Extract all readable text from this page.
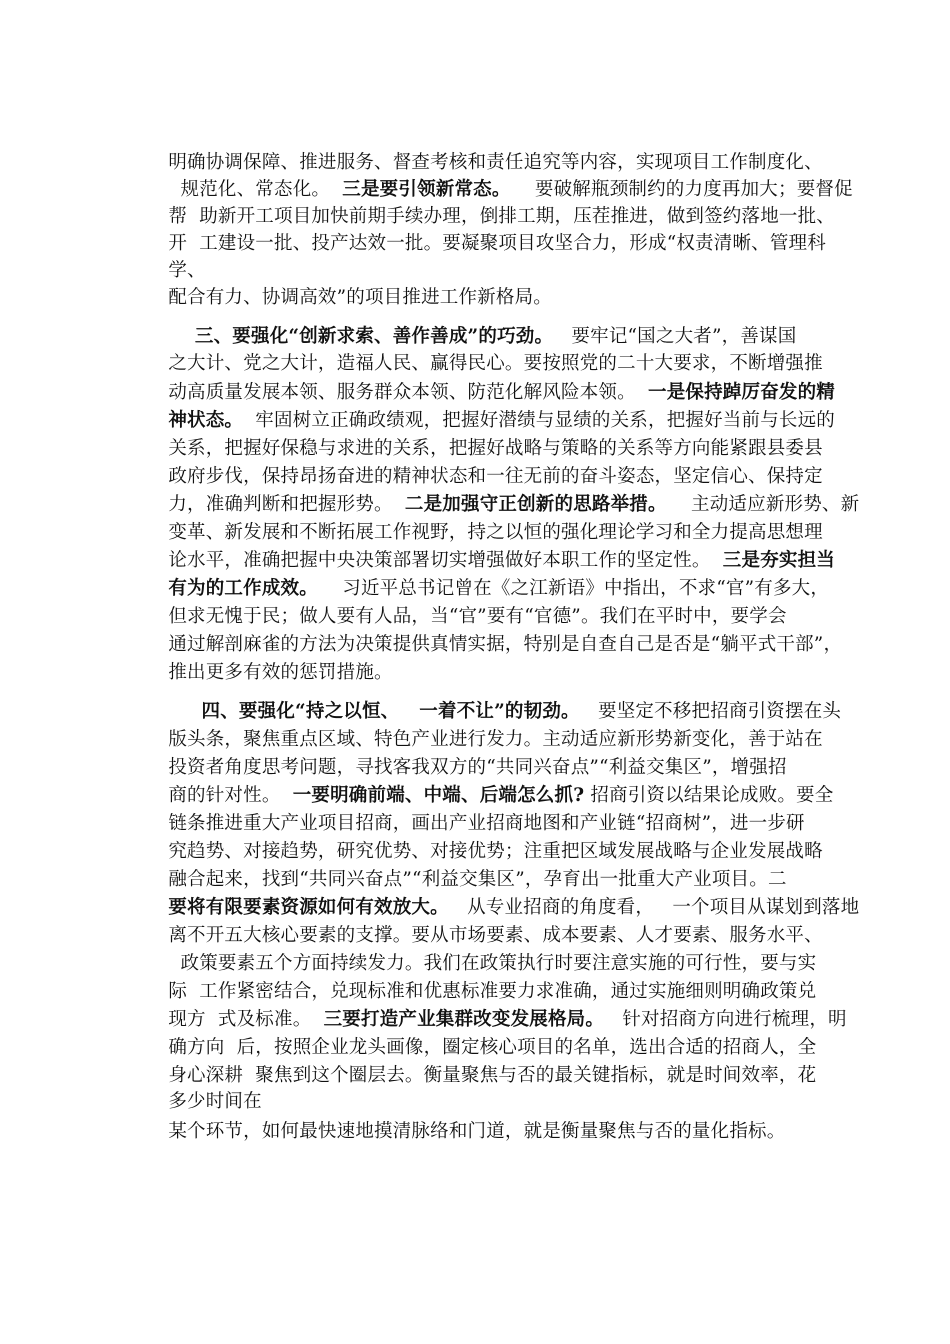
明确协调保障、推进服务、督查考核和责任追究等内容，实现项目工作制度化、

规范化、常态化。  三是要引领新常态。    要破解瓶颈制约的力度再加大；要督促

帮  助新开工项目加快前期手续办理，倒排工期，压茬推进，做到签约落地一批、

开  工建设一批、投产达效一批。要凝聚项目攻坚合力，形成“权责清晰、管理科

学、

配合有力、协调高效”的项目推进工作新格局。

三、要强化“创新求索、善作善成”的巧劲。   要牢记“国之大者”，善谋国

之大计、党之大计，造福人民、赢得民心。要按照党的二十大要求，不断增强推

动高质量发展本领、服务群众本领、防范化解风险本领。  一是保持踔厉奋发的精

神状态。  牢固树立正确政绩观，把握好潜绩与显绩的关系，把握好当前与长远的

关系，把握好保稳与求进的关系，把握好战略与策略的关系等方向能紧跟县委县

政府步伐，保持昂扬奋进的精神状态和一往无前的奋斗姿态，坚定信心、保持定

力，准确判断和把握形势。  二是加强守正创新的思路举措。    主动适应新形势、新

变革、新发展和不断拓展工作视野，持之以恒的强化理论学习和全力提高思想理

论水平，准确把握中央决策部署切实增强做好本职工作的坚定性。  三是夯实担当

有为的工作成效。    习近平总书记曾在《之江新语》中指出，不求“官”有多大，

但求无愧于民；做人要有人品，当“官”要有“官德”。我们在平时中，要学会

通过解剖麻雀的方法为决策提供真情实据，特别是自查自己是否是“躺平式干部”，

推出更多有效的惩罚措施。

四、要强化“持之以恒、   一着不让”的韧劲。   要坚定不移把招商引资摆在头

版头条，聚焦重点区域、特色产业进行发力。主动适应新形势新变化，善于站在

投资者角度思考问题，寻找客我双方的“共同兴奋点”“利益交集区”，增强招

商的针对性。  一要明确前端、中端、后端怎么抓? 招商引资以结果论成败。要全

链条推进重大产业项目招商，画出产业招商地图和产业链“招商树”，进一步研

究趋势、对接趋势，研究优势、对接优势；注重把区域发展战略与企业发展战略

融合起来，找到“共同兴奋点”“利益交集区”，孕育出一批重大产业项目。二

要将有限要素资源如何有效放大。   从专业招商的角度看，   一个项目从谋划到落地

离不开五大核心要素的支撑。要从市场要素、成本要素、人才要素、服务水平、

政策要素五个方面持续发力。我们在政策执行时要注意实施的可行性，要与实

际  工作紧密结合，兑现标准和优惠标准要力求准确，通过实施细则明确政策兑

现方  式及标准。  三要打造产业集群改变发展格局。   针对招商方向进行梳理，明

确方向  后，按照企业龙头画像，圈定核心项目的名单，选出合适的招商人，全

身心深耕  聚焦到这个圈层去。衡量聚焦与否的最关键指标，就是时间效率，花

多少时间在

某个环节，如何最快速地摸清脉络和门道，就是衡量聚焦与否的量化指标。
